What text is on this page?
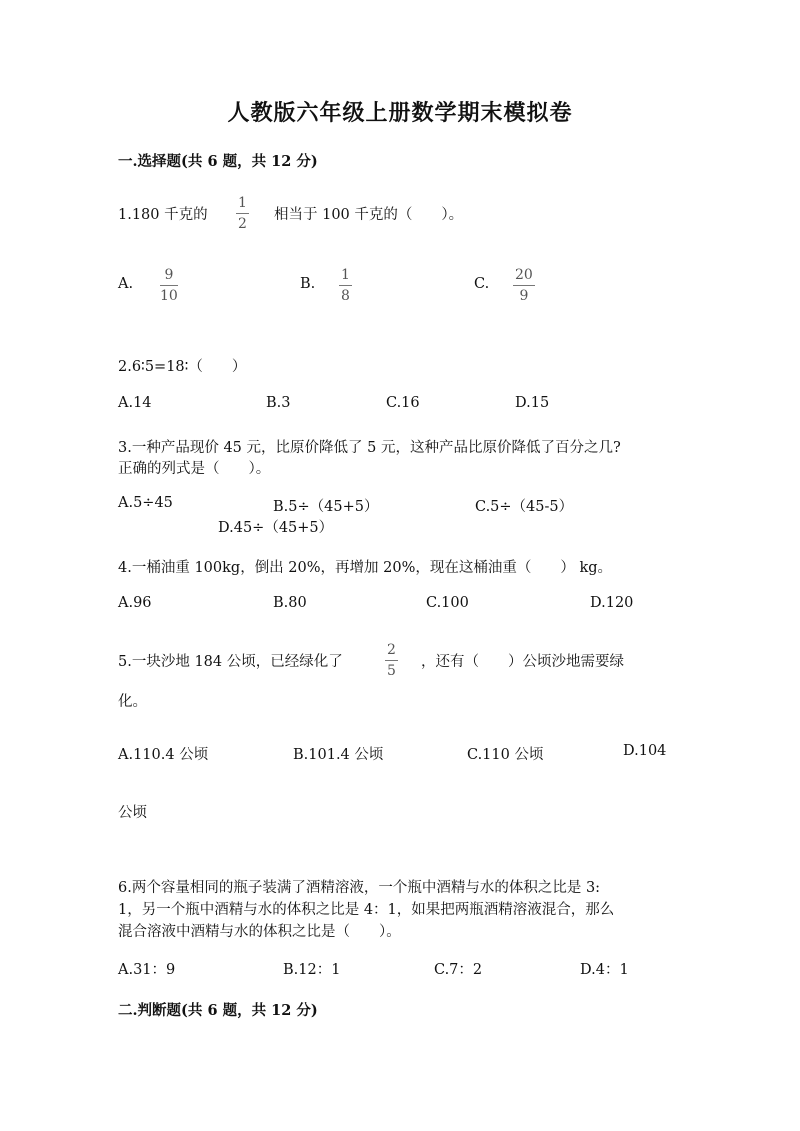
人教版六年级上册数学期末模拟卷
一.选择题(共 6 题，共 12 分)
1.180 千克的
1
2
相当于 100 千克的（　　）。
A.
9
10
B.
1
8
C.
20
9
2.6∶5=18∶（　　）
A.14	B.3	C.16	D.15
3.一种产品现价 45 元，比原价降低了 5 元，这种产品比原价降低了百分之几?
正确的列式是（　　）。
A.5÷45	B.5÷（45+5）	C.5÷（45-5）
D.45÷（45+5）
4.一桶油重 100kg，倒出 20%，再增加 20%，现在这桶油重（　　） kg。
A.96	B.80	C.100	D.120
5.一块沙地 184 公顷，已经绿化了
2
5
，还有（　　）公顷沙地需要绿
化。
A.110.4 公顷	B.101.4 公顷	C.110 公顷	D.104
公顷
6.两个容量相同的瓶子装满了酒精溶液，一个瓶中酒精与水的体积之比是 3:
1，另一个瓶中酒精与水的体积之比是 4：1，如果把两瓶酒精溶液混合，那么
混合溶液中酒精与水的体积之比是（　　）。
A.31：9	B.12：1	C.7：2	D.4：1
二.判断题(共 6 题，共 12 分)
